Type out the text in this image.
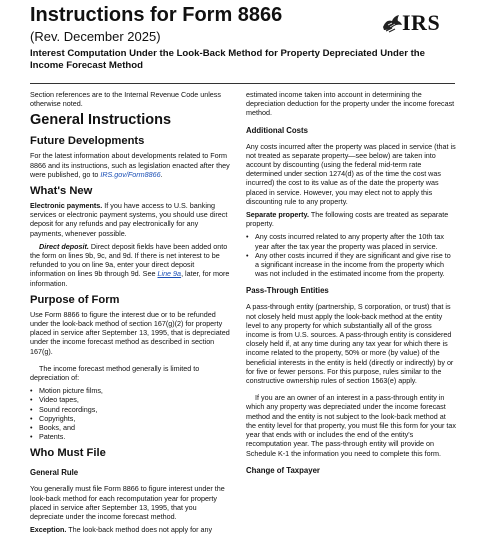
Instructions for Form 8866
(Rev. December 2025)
Interest Computation Under the Look-Back Method for Property Depreciated Under the Income Forecast Method
IRS

Section references are to the Internal Revenue Code unless otherwise noted.

General Instructions
Future Developments

For the latest information about developments related to Form 8866 and its instructions, such as legislation enacted after they were published, go to IRS.gov/Form8866.

What's New

Electronic payments. If you have access to U.S. banking services or electronic payment systems, you should use direct deposit for any refunds and pay electronically for any payments, whenever possible.

Direct deposit. Direct deposit fields have been added onto the form on lines 9b, 9c, and 9d. If there is net interest to be refunded to you on line 9a, enter your direct deposit information on lines 9b through 9d. See Line 9a, later, for more information.

Purpose of Form

Use Form 8866 to figure the interest due or to be refunded under the look-back method of section 167(g)(2) for property placed in service after September 13, 1995, that is depreciated under the income forecast method as described in section 167(g).

The income forecast method generally is limited to depreciation of:

• Motion picture films,
• Video tapes,
• Sound recordings,
• Copyrights,
• Books, and
• Patents.
Who Must File
General Rule

You generally must file Form 8866 to figure interest under the look-back method for each recomputation year for property placed in service after September 13, 1995, that you depreciate under the income forecast method.

Exception. The look-back method does not apply for any

estimated income taken into account in determining the depreciation deduction for the property under the income forecast method.

Additional Costs

Any costs incurred after the property was placed in service (that is not treated as separate property—see below) are taken into account by discounting (using the federal mid-term rate determined under section 1274(d) as of the time the cost was incurred) the cost to its value as of the date the property was placed in service. However, you may elect not to apply this discounting rule to any property.

Separate property. The following costs are treated as separate property.

• Any costs incurred related to any property after the 10th tax year after the tax year the property was placed in service.
• Any other costs incurred if they are significant and give rise to a significant increase in the income from the property which was not included in the estimated income from the property.
Pass-Through Entities

A pass-through entity (partnership, S corporation, or trust) that is not closely held must apply the look-back method at the entity level to any property for which substantially all of the gross income is from U.S. sources. A pass-through entity is considered closely held if, at any time during any tax year for which there is income related to the property, 50% or more (by value) of the beneficial interests in the entity is held (directly or indirectly) by or for five or fewer persons. For this purpose, rules similar to the constructive ownership rules of section 1563(e) apply.

If you are an owner of an interest in a pass-through entity in which any property was depreciated under the income forecast method and the entity is not subject to the look-back method at the entity level for that property, you must file this form for your tax year that ends with or includes the end of the entity's recomputation year. The pass-through entity will provide on Schedule K-1 the information you need to complete this form.

Change of Taxpayer
